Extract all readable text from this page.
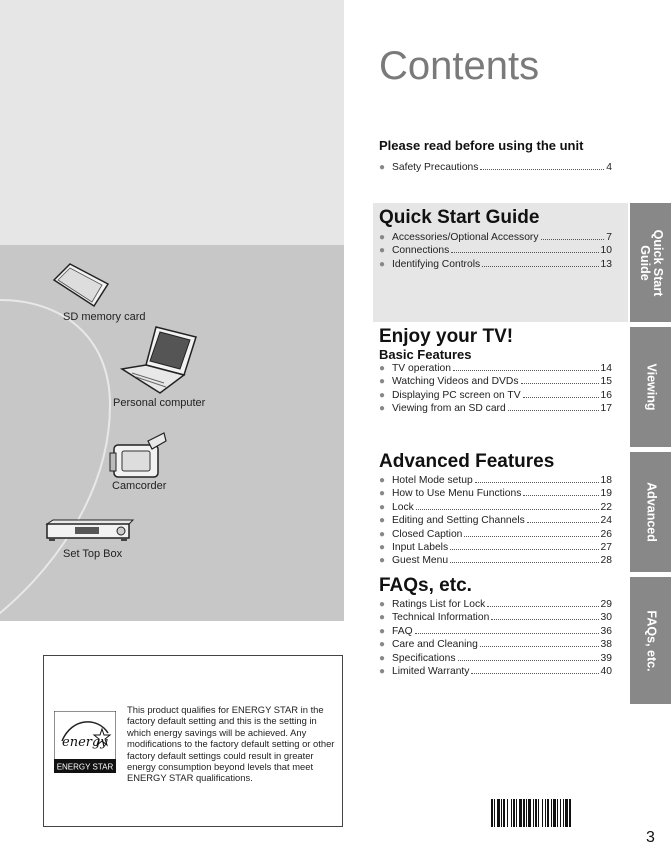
SD memory card
Personal computer
Camcorder
Set Top Box
energy
ENERGY STAR
This product qualifies for ENERGY STAR in the factory default setting and this is the setting in which energy savings will be achieved. Any modifications to the factory default setting or other factory default settings could result in greater energy consumption beyond levels that meet ENERGY STAR qualifications.
Contents
Please read before using the unit
● Safety Precautions	4
Quick Start Guide
● Accessories/Optional Accessory	7
● Connections	10
● Identifying Controls	13
Enjoy your TV!
Basic Features
● TV operation	14
● Watching Videos and DVDs	15
● Displaying PC screen on TV	16
● Viewing from an SD card	17
Advanced Features
● Hotel Mode setup	18
● How to Use Menu Functions	19
● Lock	22
● Editing and Setting Channels	24
● Closed Caption	26
● Input Labels	27
● Guest Menu	28
FAQs, etc.
● Ratings List for Lock	29
● Technical Information	30
● FAQ	36
● Care and Cleaning	38
● Specifications	39
● Limited Warranty	40
Quick Start Guide
Viewing
Advanced
FAQs, etc.
3
